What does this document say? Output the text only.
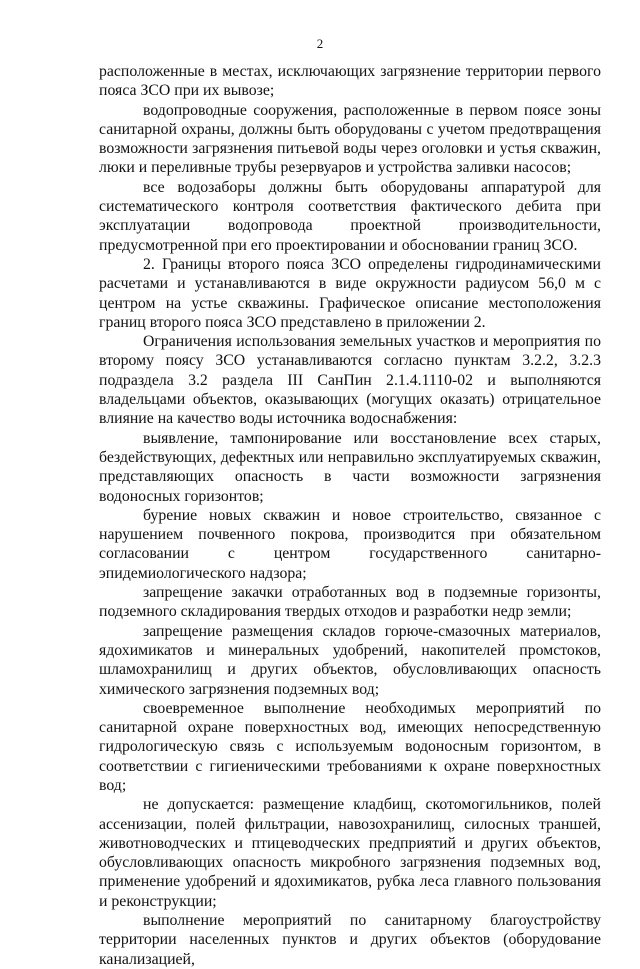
2

расположенные в местах, исключающих загрязнение территории первого пояса ЗСО при их вывозе;

водопроводные сооружения, расположенные в первом поясе зоны санитарной охраны, должны быть оборудованы с учетом предотвращения возможности загрязнения питьевой воды через оголовки и устья скважин, люки и переливные трубы резервуаров и устройства заливки насосов;

все водозаборы должны быть оборудованы аппаратурой для систематического контроля соответствия фактического дебита при эксплуатации водопровода проектной производительности, предусмотренной при его проектировании и обосновании границ ЗСО.

2. Границы второго пояса ЗСО определены гидродинамическими расчетами и устанавливаются в виде окружности радиусом 56,0 м с центром на устье скважины. Графическое описание местоположения границ второго пояса ЗСО представлено в приложении 2.

Ограничения использования земельных участков и мероприятия по второму поясу ЗСО устанавливаются согласно пунктам 3.2.2, 3.2.3 подраздела 3.2 раздела III СанПин 2.1.4.1110-02 и выполняются владельцами объектов, оказывающих (могущих оказать) отрицательное влияние на качество воды источника водоснабжения:

выявление, тампонирование или восстановление всех старых, бездействующих, дефектных или неправильно эксплуатируемых скважин, представляющих опасность в части возможности загрязнения водоносных горизонтов;

бурение новых скважин и новое строительство, связанное с нарушением почвенного покрова, производится при обязательном согласовании с центром государственного санитарно-эпидемиологического надзора;

запрещение закачки отработанных вод в подземные горизонты, подземного складирования твердых отходов и разработки недр земли;

запрещение размещения складов горюче-смазочных материалов, ядохимикатов и минеральных удобрений, накопителей промстоков, шламохранилищ и других объектов, обусловливающих опасность химического загрязнения подземных вод;

своевременное выполнение необходимых мероприятий по санитарной охране поверхностных вод, имеющих непосредственную гидрологическую связь с используемым водоносным горизонтом, в соответствии с гигиеническими требованиями к охране поверхностных вод;

не допускается: размещение кладбищ, скотомогильников, полей ассенизации, полей фильтрации, навозохранилищ, силосных траншей, животноводческих и птицеводческих предприятий и других объектов, обусловливающих опасность микробного загрязнения подземных вод, применение удобрений и ядохимикатов, рубка леса главного пользования и реконструкции;

выполнение мероприятий по санитарному благоустройству территории населенных пунктов и других объектов (оборудование канализацией,
